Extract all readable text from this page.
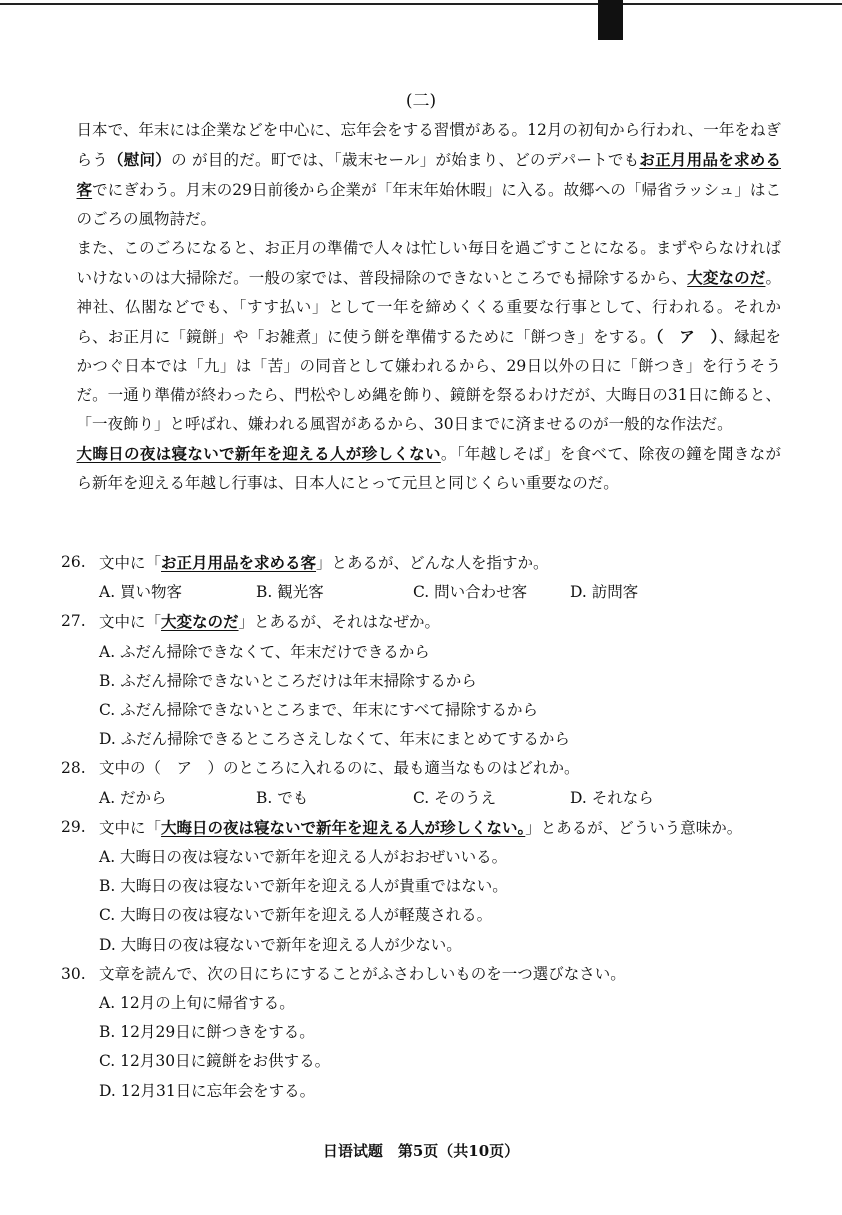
(二)

日本で、年末には企業などを中心に、忘年会をする習慣がある。12月の初旬から行われ、一年をねぎらう（慰问）の が目的だ。町では、「歳末セール」が始まり、どのデパートでもお正月用品を求める客でにぎわう。月末の29日前後から企業が「年末年始休暇」に入る。故郷への「帰省ラッシュ」はこのごろの風物詩だ。

また、このごろになると、お正月の準備で人々は忙しい毎日を過ごすことになる。まずやらなければいけないのは大掃除だ。一般の家では、普段掃除のできないところでも掃除するから、大変なのだ。神社、仏閣などでも、「すす払い」として一年を締めくくる重要な行事として、行われる。それから、お正月に「鏡餅」や「お雑煮」に使う餅を準備するために「餅つき」をする。（　ア　）、縁起をかつぐ日本では「九」は「苦」の同音として嫌われるから、29日以外の日に「餅つき」を行うそうだ。一通り準備が終わったら、門松やしめ縄を飾り、鏡餅を祭るわけだが、大晦日の31日に飾ると、「一夜飾り」と呼ばれ、嫌われる風習があるから、30日までに済ませるのが一般的な作法だ。

大晦日の夜は寝ないで新年を迎える人が珍しくない。「年越しそば」を食べて、除夜の鐘を聞きながら新年を迎える年越し行事は、日本人にとって元旦と同じくらい重要なのだ。

26. 文中に「お正月用品を求める客」とあるが、どんな人を指すか。
A. 買い物客	B. 観光客	C. 問い合わせ客	D. 訪問客
27. 文中に「大変なのだ」とあるが、それはなぜか。
A. ふだん掃除できなくて、年末だけできるから
B. ふだん掃除できないところだけは年末掃除するから
C. ふだん掃除できないところまで、年末にすべて掃除するから
D. ふだん掃除できるところさえしなくて、年末にまとめてするから
28. 文中の（　ア　）のところに入れるのに、最も適当なものはどれか。
A. だから	B. でも	C. そのうえ	D. それなら
29. 文中に「大晦日の夜は寝ないで新年を迎える人が珍しくない。」とあるが、どういう意味か。
A. 大晦日の夜は寝ないで新年を迎える人がおおぜいいる。
B. 大晦日の夜は寝ないで新年を迎える人が貴重ではない。
C. 大晦日の夜は寝ないで新年を迎える人が軽蔑される。
D. 大晦日の夜は寝ないで新年を迎える人が少ない。
30. 文章を読んで、次の日にちにすることがふさわしいものを一つ選びなさい。
A. 12月の上旬に帰省する。
B. 12月29日に餅つきをする。
C. 12月30日に鏡餅をお供する。
D. 12月31日に忘年会をする。
日语试题　第5页（共10页）
